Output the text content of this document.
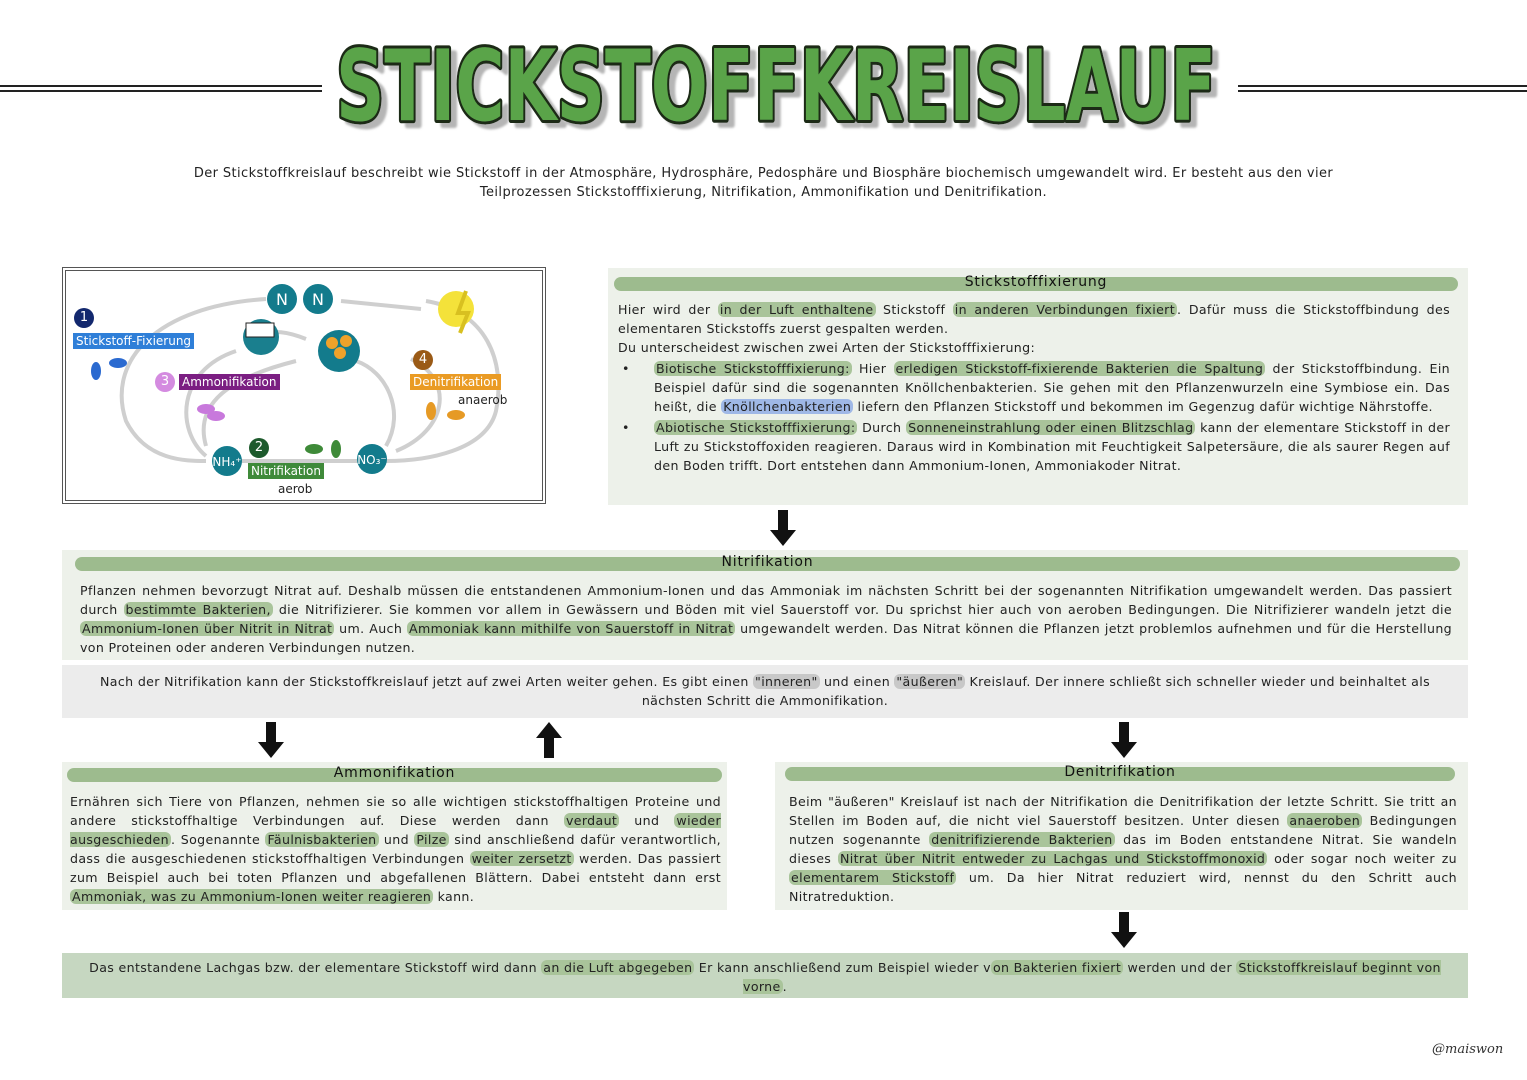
STICKSTOFFKREISLAUF
Der Stickstoffkreislauf beschreibt wie Stickstoff in der Atmosphäre, Hydrosphäre, Pedosphäre und Biosphäre biochemisch umgewandelt wird. Er besteht aus den vier Teilprozessen Stickstofffixierung, Nitrifikation, Ammonifikation und Denitrifikation.
N N
NH₄⁺	NO₃⁻
1
Stickstoff-Fixierung
2
Nitrifikation
aerob
3	Ammonifikation
4
Denitrifikation
anaerob
Stickstofffixierung
Hier wird der in der Luft enthaltene Stickstoff in anderen Verbindungen fixiert . Dafür muss die Stickstoffbindung des elementaren Stickstoffs zuerst gespalten werden.
Du unterscheidest zwischen zwei Arten der Stickstofffixierung:
• Biotische Stickstofffixierung: Hier erledigen Stickstoff-fixierende Bakterien die Spaltung der Stickstoffbindung. Ein Beispiel dafür sind die sogenannten Knöllchenbakterien. Sie gehen mit den Pflanzenwurzeln eine Symbiose ein. Das heißt, die Knöllchenbakterien liefern den Pflanzen Stickstoff und bekommen im Gegenzug dafür wichtige Nährstoffe.
• Abiotische Stickstofffixierung: Durch Sonneneinstrahlung oder einen Blitzschlag kann der elementare Stickstoff in der Luft zu Stickstoffoxiden reagieren. Daraus wird in Kombination mit Feuchtigkeit Salpetersäure, die als saurer Regen auf den Boden trifft. Dort entstehen dann Ammonium-Ionen, Ammoniakoder Nitrat.
Nitrifikation
Pflanzen nehmen bevorzugt Nitrat auf. Deshalb müssen die entstandenen Ammonium-Ionen und das Ammoniak im nächsten Schritt bei der sogenannten Nitrifikation umgewandelt werden. Das passiert durch bestimmte Bakterien, die Nitrifizierer. Sie kommen vor allem in Gewässern und Böden mit viel Sauerstoff vor. Du sprichst hier auch von aeroben Bedingungen. Die Nitrifizierer wandeln jetzt die Ammonium-Ionen über Nitrit in Nitrat um. Auch Ammoniak kann mithilfe von Sauerstoff in Nitrat umgewandelt werden. Das Nitrat können die Pflanzen jetzt problemlos aufnehmen und für die Herstellung von Proteinen oder anderen Verbindungen nutzen.
Nach der Nitrifikation kann der Stickstoffkreislauf jetzt auf zwei Arten weiter gehen. Es gibt einen "inneren" und einen "äußeren" Kreislauf. Der innere schließt sich schneller wieder und beinhaltet als nächsten Schritt die Ammonifikation.
Ammonifikation
Ernähren sich Tiere von Pflanzen, nehmen sie so alle wichtigen stickstoffhaltigen Proteine und andere stickstoffhaltige Verbindungen auf. Diese werden dann verdaut und wieder ausgeschieden . Sogenannte Fäulnisbakterien und Pilze sind anschließend dafür verantwortlich, dass die ausgeschiedenen stickstoffhaltigen Verbindungen weiter zersetzt werden. Das passiert zum Beispiel auch bei toten Pflanzen und abgefallenen Blättern. Dabei entsteht dann erst Ammoniak, was zu Ammonium-Ionen weiter reagieren kann.
Denitrifikation
Beim "äußeren" Kreislauf ist nach der Nitrifikation die Denitrifikation der letzte Schritt. Sie tritt an Stellen im Boden auf, die nicht viel Sauerstoff besitzen. Unter diesen anaeroben Bedingungen nutzen sogenannte denitrifizierende Bakterien das im Boden entstandene Nitrat. Sie wandeln dieses Nitrat über Nitrit entweder zu Lachgas und Stickstoffmonoxid oder sogar noch weiter zu elementarem Stickstoff um. Da hier Nitrat reduziert wird, nennst du den Schritt auch Nitratreduktion.
Das entstandene Lachgas bzw. der elementare Stickstoff wird dann an die Luft abgegeben Er kann anschließend zum Beispiel wieder v on Bakterien fixiert werden und der Stickstoffkreislauf beginnt von vorne .
@maiswon
